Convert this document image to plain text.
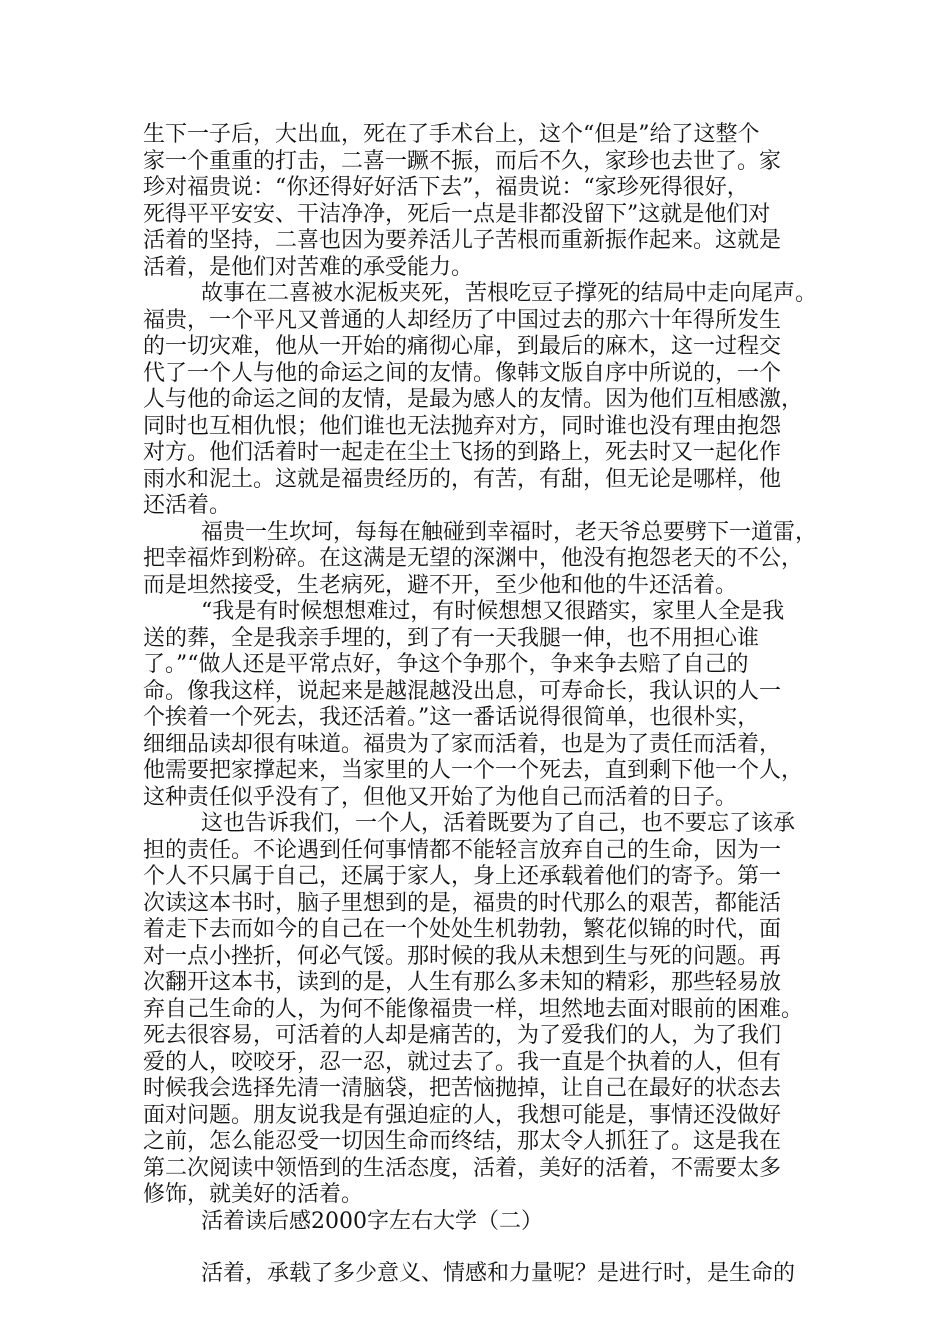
生下一子后，大出血，死在了手术台上，这个“但是”给了这整个
家一个重重的打击，二喜一蹶不振，而后不久，家珍也去世了。家
珍对福贵说：“你还得好好活下去”，福贵说：“家珍死得很好，
死得平平安安、干洁净净，死后一点是非都没留下”这就是他们对
活着的坚持，二喜也因为要养活儿子苦根而重新振作起来。这就是
活着，是他们对苦难的承受能力。
故事在二喜被水泥板夹死，苦根吃豆子撑死的结局中走向尾声。
福贵，一个平凡又普通的人却经历了中国过去的那六十年得所发生
的一切灾难，他从一开始的痛彻心扉，到最后的麻木，这一过程交
代了一个人与他的命运之间的友情。像韩文版自序中所说的，一个
人与他的命运之间的友情，是最为感人的友情。因为他们互相感激，
同时也互相仇恨；他们谁也无法抛弃对方，同时谁也没有理由抱怨
对方。他们活着时一起走在尘土飞扬的到路上，死去时又一起化作
雨水和泥土。这就是福贵经历的，有苦，有甜，但无论是哪样，他
还活着。
福贵一生坎坷，每每在触碰到幸福时，老天爷总要劈下一道雷，
把幸福炸到粉碎。在这满是无望的深渊中，他没有抱怨老天的不公，
而是坦然接受，生老病死，避不开，至少他和他的牛还活着。
“我是有时候想想难过，有时候想想又很踏实，家里人全是我
送的葬，全是我亲手埋的，到了有一天我腿一伸，也不用担心谁
了。”“做人还是平常点好，争这个争那个，争来争去赔了自己的
命。像我这样，说起来是越混越没出息，可寿命长，我认识的人一
个挨着一个死去，我还活着。”这一番话说得很简单，也很朴实，
细细品读却很有味道。福贵为了家而活着，也是为了责任而活着，
他需要把家撑起来，当家里的人一个一个死去，直到剩下他一个人，
这种责任似乎没有了，但他又开始了为他自己而活着的日子。
这也告诉我们，一个人，活着既要为了自己，也不要忘了该承
担的责任。不论遇到任何事情都不能轻言放弃自己的生命，因为一
个人不只属于自己，还属于家人，身上还承载着他们的寄予。第一
次读这本书时，脑子里想到的是，福贵的时代那么的艰苦，都能活
着走下去而如今的自己在一个处处生机勃勃，繁花似锦的时代，面
对一点小挫折，何必气馁。那时候的我从未想到生与死的问题。再
次翻开这本书，读到的是，人生有那么多未知的精彩，那些轻易放
弃自己生命的人，为何不能像福贵一样，坦然地去面对眼前的困难。
死去很容易，可活着的人却是痛苦的，为了爱我们的人，为了我们
爱的人，咬咬牙，忍一忍，就过去了。我一直是个执着的人，但有
时候我会选择先清一清脑袋，把苦恼抛掉，让自己在最好的状态去
面对问题。朋友说我是有强迫症的人，我想可能是，事情还没做好
之前，怎么能忍受一切因生命而终结，那太令人抓狂了。这是我在
第二次阅读中领悟到的生活态度，活着，美好的活着，不需要太多
修饰，就美好的活着。
活着读后感2000字左右大学（二）
活着，承载了多少意义、情感和力量呢？是进行时，是生命的
